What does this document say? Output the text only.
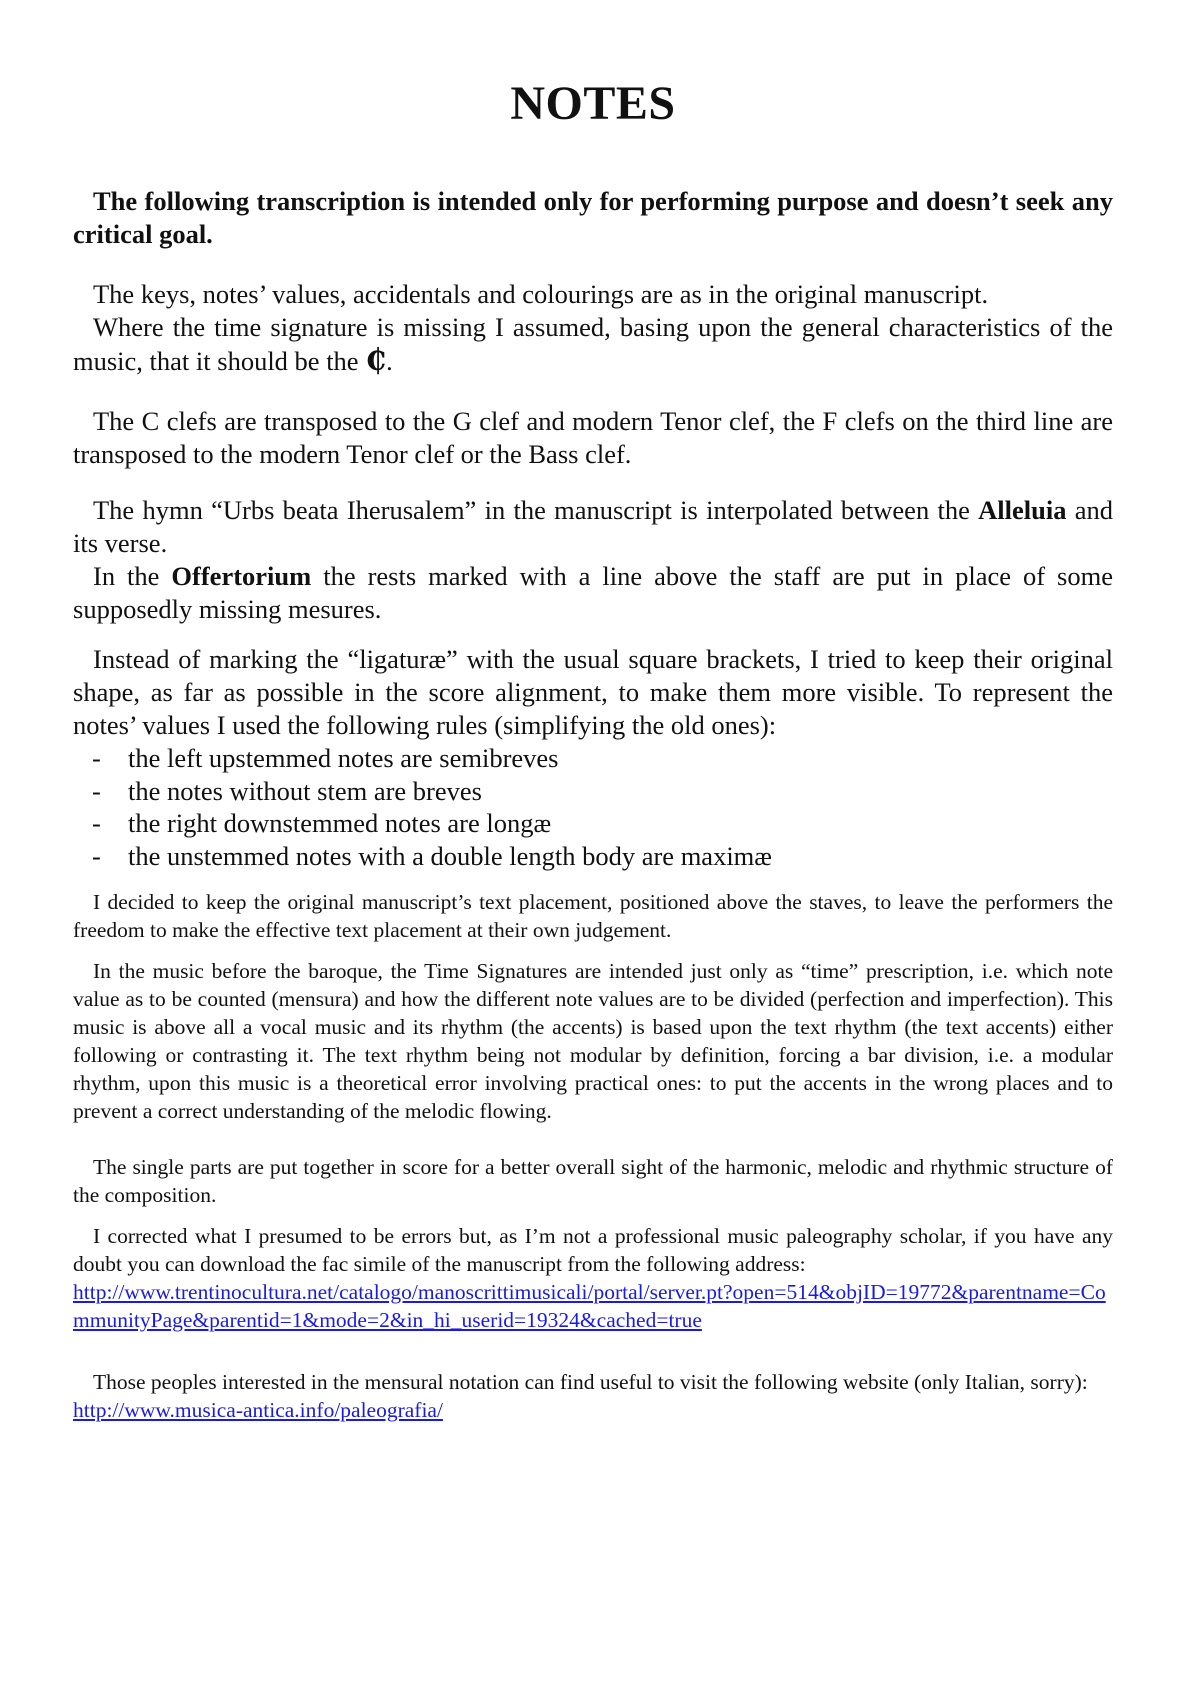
NOTES

The following transcription is intended only for performing purpose and doesn’t seek any critical goal.

The keys, notes’ values, accidentals and colourings are as in the original manuscript.

Where the time signature is missing I assumed, basing upon the general characteristics of the music, that it should be the ₵.

The C clefs are transposed to the G clef and modern Tenor clef, the F clefs on the third line are transposed to the modern Tenor clef or the Bass clef.

The hymn “Urbs beata Iherusalem” in the manuscript is interpolated between the Alleluia and its verse.

In the Offertorium the rests marked with a line above the staff are put in place of some supposedly missing mesures.

Instead of marking the “ligaturæ” with the usual square brackets, I tried to keep their original shape, as far as possible in the score alignment, to make them more visible. To represent the notes’ values I used the following rules (simplifying the old ones):

- the left upstemmed notes are semibreves
- the notes without stem are breves
- the right downstemmed notes are longæ
- the unstemmed notes with a double length body are maximæ

I decided to keep the original manuscript’s text placement, positioned above the staves, to leave the performers the freedom to make the effective text placement at their own judgement.

In the music before the baroque, the Time Signatures are intended just only as “time” prescription, i.e. which note value as to be counted (mensura) and how the different note values are to be divided (perfection and imperfection). This music is above all a vocal music and its rhythm (the accents) is based upon the text rhythm (the text accents) either following or contrasting it. The text rhythm being not modular by definition, forcing a bar division, i.e. a modular rhythm, upon this music is a theoretical error involving practical ones: to put the accents in the wrong places and to prevent a correct understanding of the melodic flowing.

The single parts are put together in score for a better overall sight of the harmonic, melodic and rhythmic structure of the composition.

I corrected what I presumed to be errors but, as I’m not a professional music paleography scholar, if you have any doubt you can download the fac simile of the manuscript from the following address:

http://www.trentinocultura.net/catalogo/manoscrittimusicali/portal/server.pt?open=514&objID=19772&parentname=CommunityPage&parentid=1&mode=2&in_hi_userid=19324&cached=true

Those peoples interested in the mensural notation can find useful to visit the following website (only Italian, sorry):

http://www.musica-antica.info/paleografia/
